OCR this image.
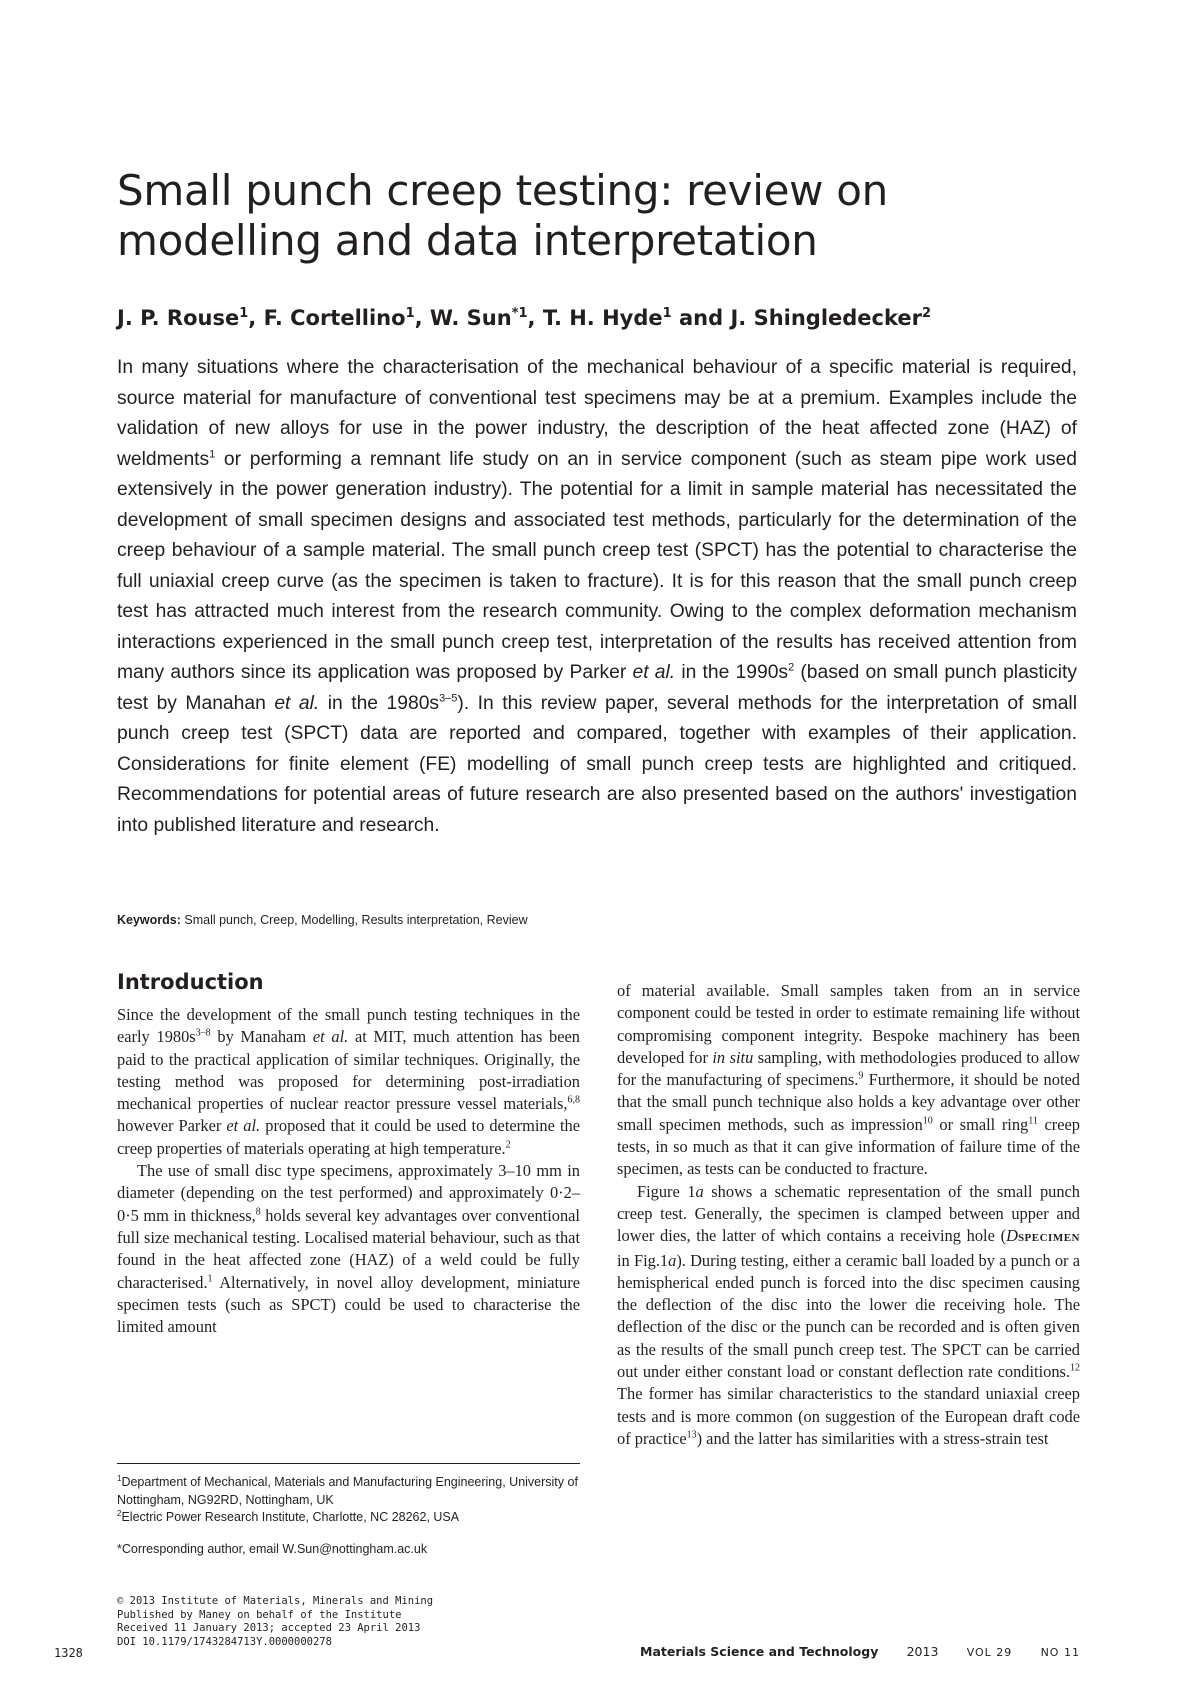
Small punch creep testing: review on
modelling and data interpretation

J. P. Rouse$^1$, F. Cortellino$^1$, W. Sun$^{*1}$, T. H. Hyde$^1$ and J. Shingledecker$^2$

In many situations where the characterisation of the mechanical behaviour of a specific material is required, source material for manufacture of conventional test specimens may be at a premium. Examples include the validation of new alloys for use in the power industry, the description of the heat affected zone (HAZ) of weldments$^1$ or performing a remnant life study on an in service component (such as steam pipe work used extensively in the power generation industry). The potential for a limit in sample material has necessitated the development of small specimen designs and associated test methods, particularly for the determination of the creep behaviour of a sample material. The small punch creep test (SPCT) has the potential to characterise the full uniaxial creep curve (as the specimen is taken to fracture). It is for this reason that the small punch creep test has attracted much interest from the research community. Owing to the complex deformation mechanism interactions experienced in the small punch creep test, interpretation of the results has received attention from many authors since its application was proposed by Parker et al. in the $1990s^2$ (based on small punch plasticity test by Manahan et al. in the $1980s^{3-5}$). In this review paper, several methods for the interpretation of small punch creep test (SPCT) data are reported and compared, together with examples of their application. Considerations for finite element (FE) modelling of small punch creep tests are highlighted and critiqued. Recommendations for potential areas of future research are also presented based on the authors' investigation into published literature and research.

Keywords: Small punch, Creep, Modelling, Results interpretation, Review

Introduction

Since the development of the small punch testing techniques in the early $1980s^{3-8}$ by Manaham et al. at MIT, much attention has been paid to the practical application of similar techniques. Originally, the testing method was proposed for determining post-irradiation mechanical properties of nuclear reactor pressure vessel materials,$^{6,8}$ however Parker et al. proposed that it could be used to determine the creep properties of materials operating at high temperature.$^2$

The use of small disc type specimens, approximately 3–10 mm in diameter (depending on the test performed) and approximately 0·2–0·5 mm in thickness,$^8$ holds several key advantages over conventional full size mechanical testing. Localised material behaviour, such as that found in the heat affected zone (HAZ) of a weld could be fully characterised.$^1$ Alternatively, in novel alloy development, miniature specimen tests (such as SPCT) could be used to characterise the limited amount

of material available. Small samples taken from an in service component could be tested in order to estimate remaining life without compromising component integrity. Bespoke machinery has been developed for in situ sampling, with methodologies produced to allow for the manufacturing of specimens.$^9$ Furthermore, it should be noted that the small punch technique also holds a key advantage over other small specimen methods, such as impression$^{10}$ or small ring$^{11}$ creep tests, in so much as that it can give information of failure time of the specimen, as tests can be conducted to fracture.

Figure 1a shows a schematic representation of the small punch creep test. Generally, the specimen is clamped between upper and lower dies, the latter of which contains a receiving hole (DSPECIMEN in Fig.1a). During testing, either a ceramic ball loaded by a punch or a hemispherical ended punch is forced into the disc specimen causing the deflection of the disc into the lower die receiving hole. The deflection of the disc or the punch can be recorded and is often given as the results of the small punch creep test. The SPCT can be carried out under either constant load or constant deflection rate conditions.$^{12}$ The former has similar characteristics to the standard uniaxial creep tests and is more common (on suggestion of the European draft code of practice$^{13}$) and the latter has similarities with a stress-strain test

$^1$Department of Mechanical, Materials and Manufacturing Engineering, University of Nottingham, NG92RD, Nottingham, UK

$^2$Electric Power Research Institute, Charlotte, NC 28262, USA

*Corresponding author, email W.Sun@nottingham.ac.uk

© 2013 Institute of Materials, Minerals and Mining

Published by Maney on behalf of the Institute

Received 11 January 2013; accepted 23 April 2013

DOI 10.1179/1743284713Y.0000000278

1328	Materials Science and Technology 2013	VOL 29	NO 11
